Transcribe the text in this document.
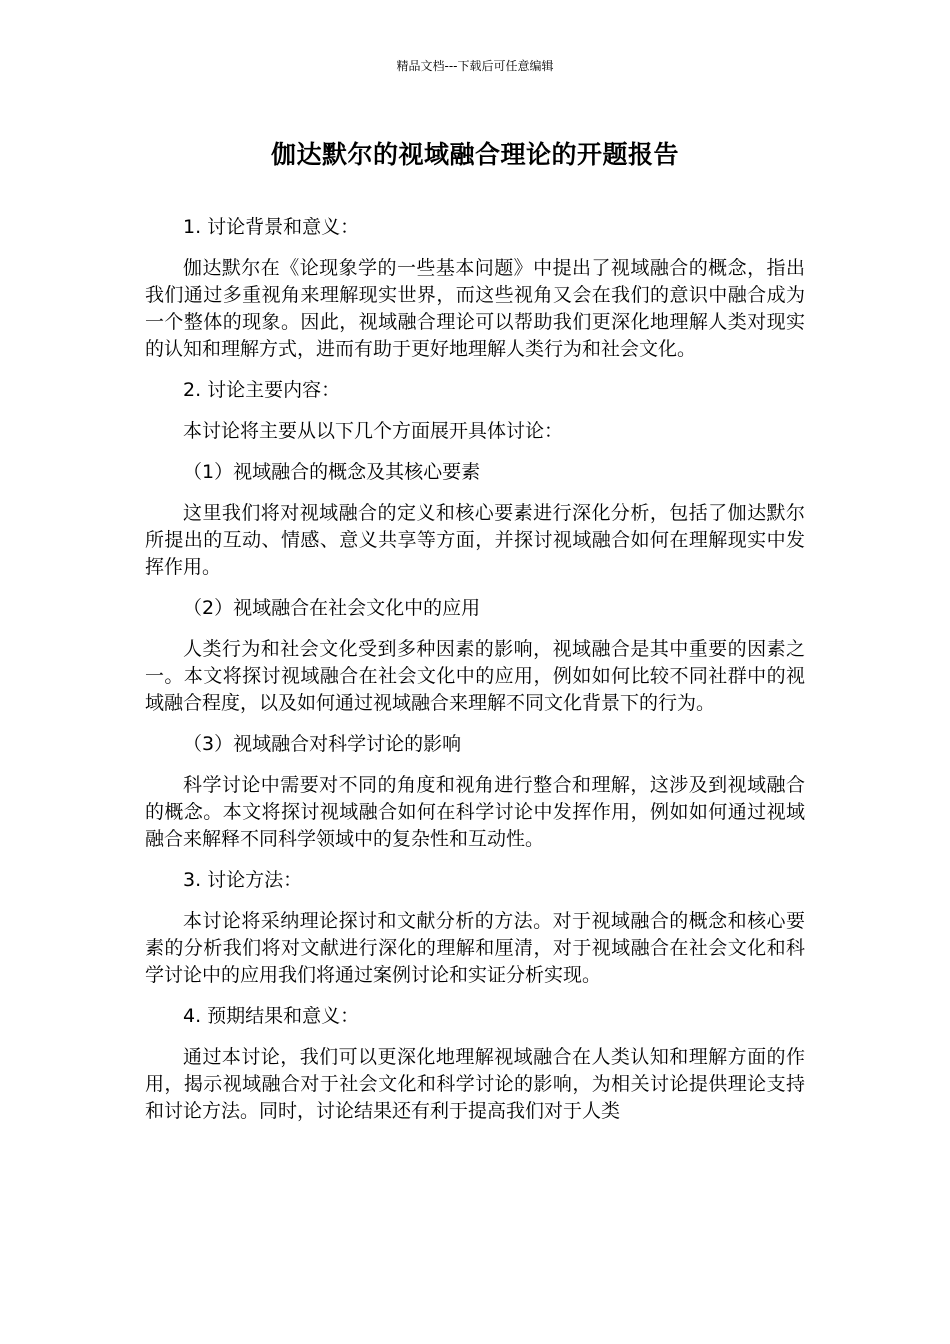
精品文档---下载后可任意编辑
伽达默尔的视域融合理论的开题报告

1. 讨论背景和意义：

伽达默尔在《论现象学的一些基本问题》中提出了视域融合的概念，指出我们通过多重视角来理解现实世界，而这些视角又会在我们的意识中融合成为一个整体的现象。因此，视域融合理论可以帮助我们更深化地理解人类对现实的认知和理解方式，进而有助于更好地理解人类行为和社会文化。

2. 讨论主要内容：

本讨论将主要从以下几个方面展开具体讨论：

（1）视域融合的概念及其核心要素

这里我们将对视域融合的定义和核心要素进行深化分析，包括了伽达默尔所提出的互动、情感、意义共享等方面，并探讨视域融合如何在理解现实中发挥作用。

（2）视域融合在社会文化中的应用

人类行为和社会文化受到多种因素的影响，视域融合是其中重要的因素之一。本文将探讨视域融合在社会文化中的应用，例如如何比较不同社群中的视域融合程度，以及如何通过视域融合来理解不同文化背景下的行为。

（3）视域融合对科学讨论的影响

科学讨论中需要对不同的角度和视角进行整合和理解，这涉及到视域融合的概念。本文将探讨视域融合如何在科学讨论中发挥作用，例如如何通过视域融合来解释不同科学领域中的复杂性和互动性。

3. 讨论方法：

本讨论将采纳理论探讨和文献分析的方法。对于视域融合的概念和核心要素的分析我们将对文献进行深化的理解和厘清，对于视域融合在社会文化和科学讨论中的应用我们将通过案例讨论和实证分析实现。

4. 预期结果和意义：

通过本讨论，我们可以更深化地理解视域融合在人类认知和理解方面的作用，揭示视域融合对于社会文化和科学讨论的影响，为相关讨论提供理论支持和讨论方法。同时，讨论结果还有利于提高我们对于人类
